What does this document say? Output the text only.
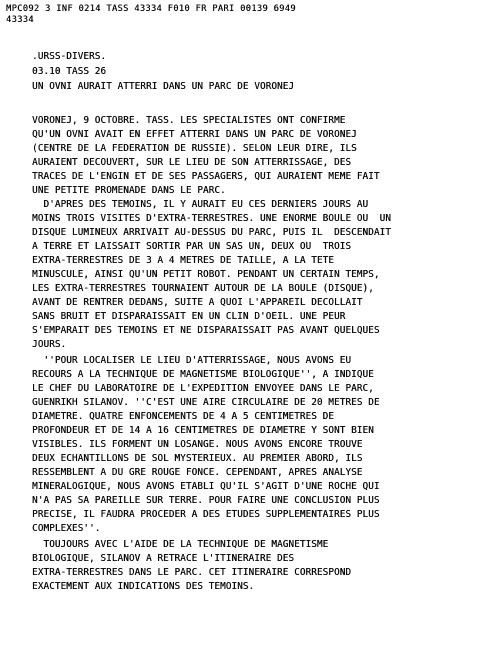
MPC092 3 INF 0214 TASS 43334 F010 FR PARI 00139 6949
43334
.URSS-DIVERS.
03.10 TASS 26
UN OVNI AURAIT ATTERRI DANS UN PARC DE VORONEJ
VORONEJ, 9 OCTOBRE. TASS. LES SPECIALISTES ONT CONFIRME
QU'UN OVNI AVAIT EN EFFET ATTERRI DANS UN PARC DE VORONEJ
(CENTRE DE LA FEDERATION DE RUSSIE). SELON LEUR DIRE, ILS
AURAIENT DECOUVERT, SUR LE LIEU DE SON ATTERRISSAGE, DES
TRACES DE L'ENGIN ET DE SES PASSAGERS, QUI AURAIENT MEME FAIT
UNE PETITE PROMENADE DANS LE PARC.
D'APRES DES TEMOINS, IL Y AURAIT EU CES DERNIERS JOURS AU
MOINS TROIS VISITES D'EXTRA-TERRESTRES. UNE ENORME BOULE OU  UN
DISQUE LUMINEUX ARRIVAIT AU-DESSUS DU PARC, PUIS IL  DESCENDAIT
A TERRE ET LAISSAIT SORTIR PAR UN SAS UN, DEUX OU  TROIS
EXTRA-TERRESTRES DE 3 A 4 METRES DE TAILLE, A LA TETE
MINUSCULE, AINSI QU'UN PETIT ROBOT. PENDANT UN CERTAIN TEMPS,
LES EXTRA-TERRESTRES TOURNAIENT AUTOUR DE LA BOULE (DISQUE),
AVANT DE RENTRER DEDANS, SUITE A QUOI L'APPAREIL DECOLLAIT
SANS BRUIT ET DISPARAISSAIT EN UN CLIN D'OEIL. UNE PEUR
S'EMPARAIT DES TEMOINS ET NE DISPARAISSAIT PAS AVANT QUELQUES
JOURS.
''POUR LOCALISER LE LIEU D'ATTERRISSAGE, NOUS AVONS EU
RECOURS A LA TECHNIQUE DE MAGNETISME BIOLOGIQUE'', A INDIQUE
LE CHEF DU LABORATOIRE DE L'EXPEDITION ENVOYEE DANS LE PARC,
GUENRIKH SILANOV. ''C'EST UNE AIRE CIRCULAIRE DE 20 METRES DE
DIAMETRE. QUATRE ENFONCEMENTS DE 4 A 5 CENTIMETRES DE
PROFONDEUR ET DE 14 A 16 CENTIMETRES DE DIAMETRE Y SONT BIEN
VISIBLES. ILS FORMENT UN LOSANGE. NOUS AVONS ENCORE TROUVE
DEUX ECHANTILLONS DE SOL MYSTERIEUX. AU PREMIER ABORD, ILS
RESSEMBLENT A DU GRE ROUGE FONCE. CEPENDANT, APRES ANALYSE
MINERALOGIQUE, NOUS AVONS ETABLI QU'IL S'AGIT D'UNE ROCHE QUI
N'A PAS SA PAREILLE SUR TERRE. POUR FAIRE UNE CONCLUSION PLUS
PRECISE, IL FAUDRA PROCEDER A DES ETUDES SUPPLEMENTAIRES PLUS
COMPLEXES''.
TOUJOURS AVEC L'AIDE DE LA TECHNIQUE DE MAGNETISME
BIOLOGIQUE, SILANOV A RETRACE L'ITINERAIRE DES
EXTRA-TERRESTRES DANS LE PARC. CET ITINERAIRE CORRESPOND
EXACTEMENT AUX INDICATIONS DES TEMOINS.
